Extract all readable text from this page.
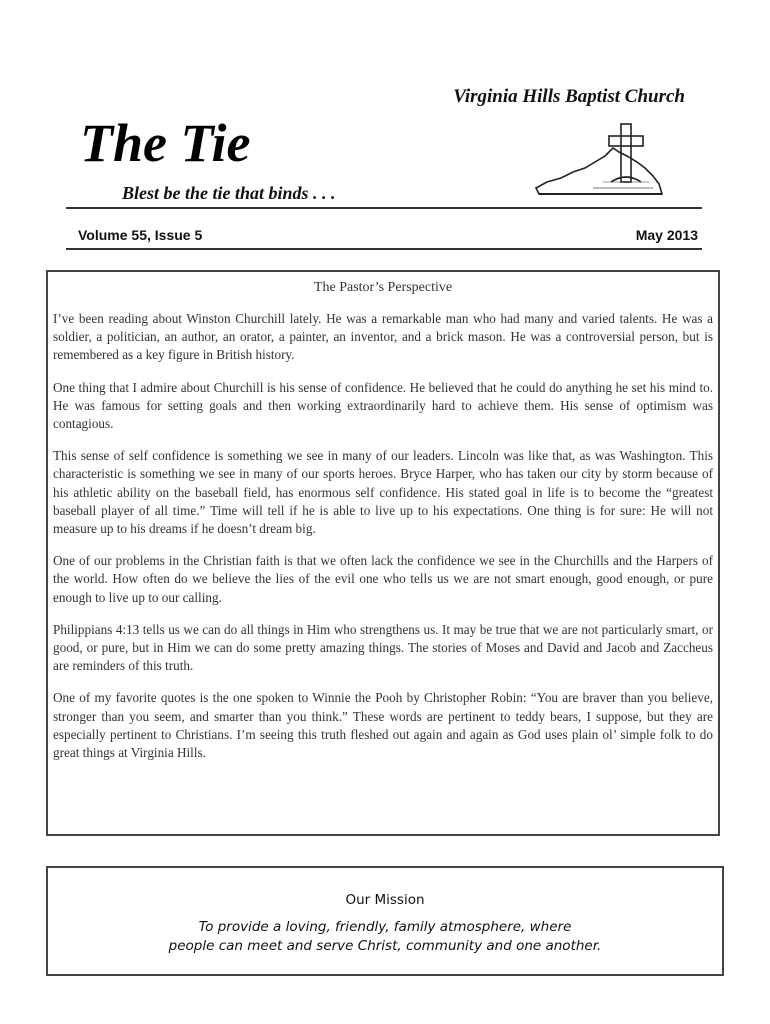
Virginia Hills Baptist Church
The Tie
Blest be the tie that binds . . .
Volume 55, Issue 5	May 2013
The Pastor’s Perspective

I’ve been reading about Winston Churchill lately. He was a remarkable man who had many and varied talents. He was a soldier, a politician, an author, an orator, a painter, an inventor, and a brick mason. He was a controversial person, but is remembered as a key figure in British history.

One thing that I admire about Churchill is his sense of confidence. He believed that he could do anything he set his mind to. He was famous for setting goals and then working extraordinarily hard to achieve them. His sense of optimism was contagious.

This sense of self confidence is something we see in many of our leaders. Lincoln was like that, as was Washington. This characteristic is something we see in many of our sports heroes. Bryce Harper, who has taken our city by storm because of his athletic ability on the baseball field, has enormous self confidence. His stated goal in life is to become the “greatest baseball player of all time.” Time will tell if he is able to live up to his expectations. One thing is for sure: He will not measure up to his dreams if he doesn’t dream big.

One of our problems in the Christian faith is that we often lack the confidence we see in the Churchills and the Harpers of the world. How often do we believe the lies of the evil one who tells us we are not smart enough, good enough, or pure enough to live up to our calling.

Philippians 4:13 tells us we can do all things in Him who strengthens us. It may be true that we are not particularly smart, or good, or pure, but in Him we can do some pretty amazing things. The stories of Moses and David and Jacob and Zaccheus are reminders of this truth.

One of my favorite quotes is the one spoken to Winnie the Pooh by Christopher Robin: “You are braver than you believe, stronger than you seem, and smarter than you think.” These words are pertinent to teddy bears, I suppose, but they are especially pertinent to Christians. I’m seeing this truth fleshed out again and again as God uses plain ol’ simple folk to do great things at Virginia Hills.

Our Mission
To provide a loving, friendly, family atmosphere, where
people can meet and serve Christ, community and one another.
